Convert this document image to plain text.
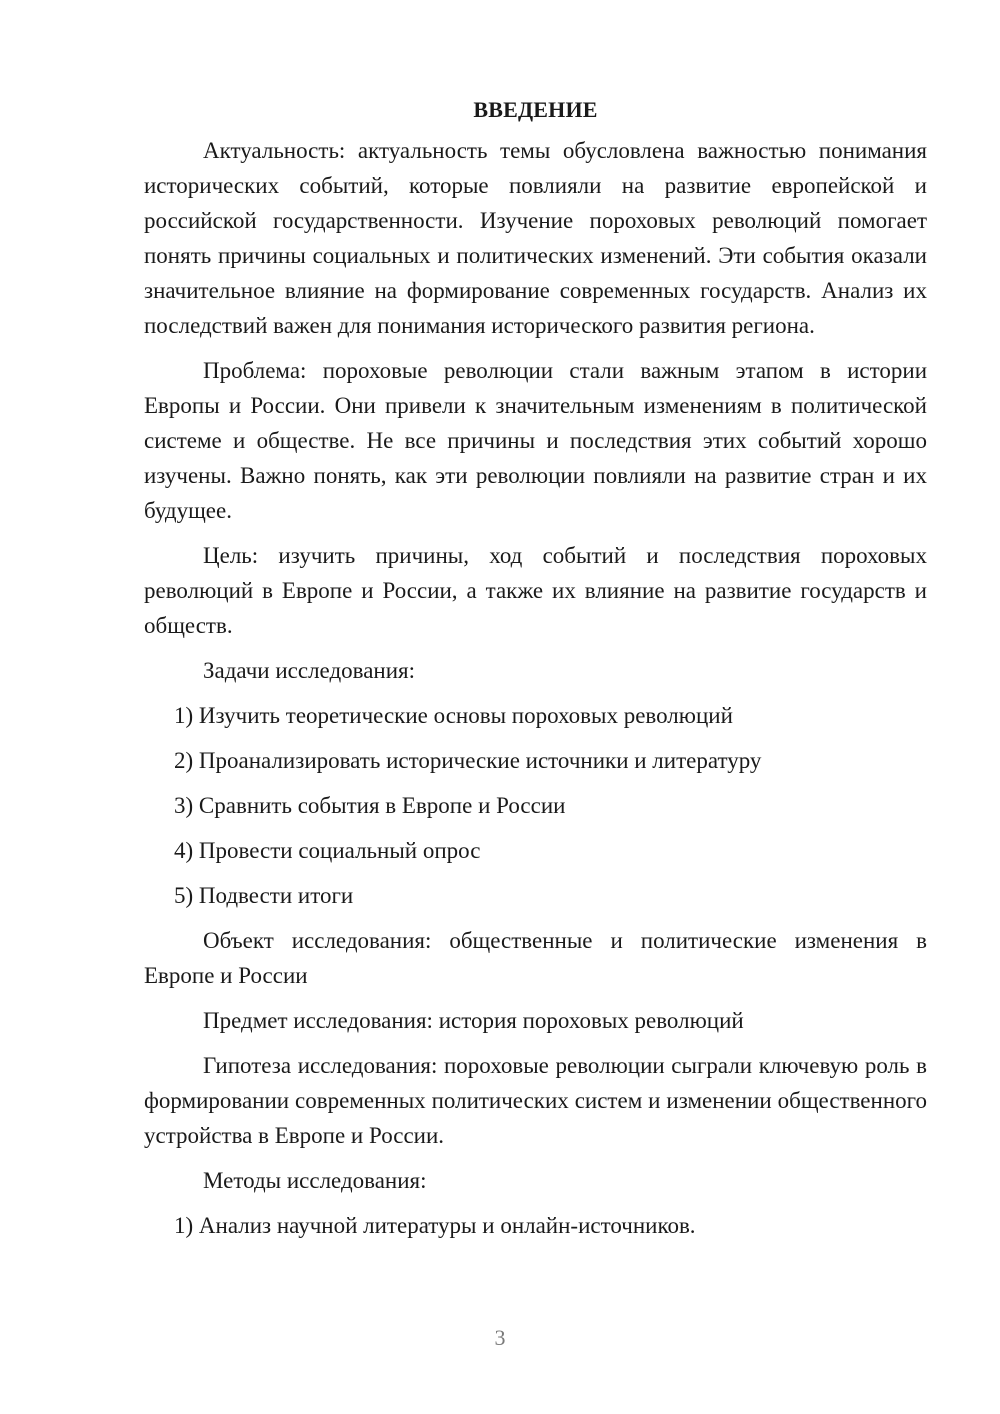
ВВЕДЕНИЕ

Актуальность: актуальность темы обусловлена важностью понимания исторических событий, которые повлияли на развитие европейской и российской государственности. Изучение пороховых революций помогает понять причины социальных и политических изменений. Эти события оказали значительное влияние на формирование современных государств. Анализ их последствий важен для понимания исторического развития региона.

Проблема: пороховые революции стали важным этапом в истории Европы и России. Они привели к значительным изменениям в политической системе и обществе. Не все причины и последствия этих событий хорошо изучены. Важно понять, как эти революции повлияли на развитие стран и их будущее.

Цель: изучить причины, ход событий и последствия пороховых революций в Европе и России, а также их влияние на развитие государств и обществ.

Задачи исследования:

1) Изучить теоретические основы пороховых революций
2) Проанализировать исторические источники и литературу
3) Сравнить события в Европе и России
4) Провести социальный опрос
5) Подвести итоги

Объект исследования: общественные и политические изменения в Европе и России

Предмет исследования: история пороховых революций

Гипотеза исследования: пороховые революции сыграли ключевую роль в формировании современных политических систем и изменении общественного устройства в Европе и России.

Методы исследования:

1) Анализ научной литературы и онлайн-источников.
3
